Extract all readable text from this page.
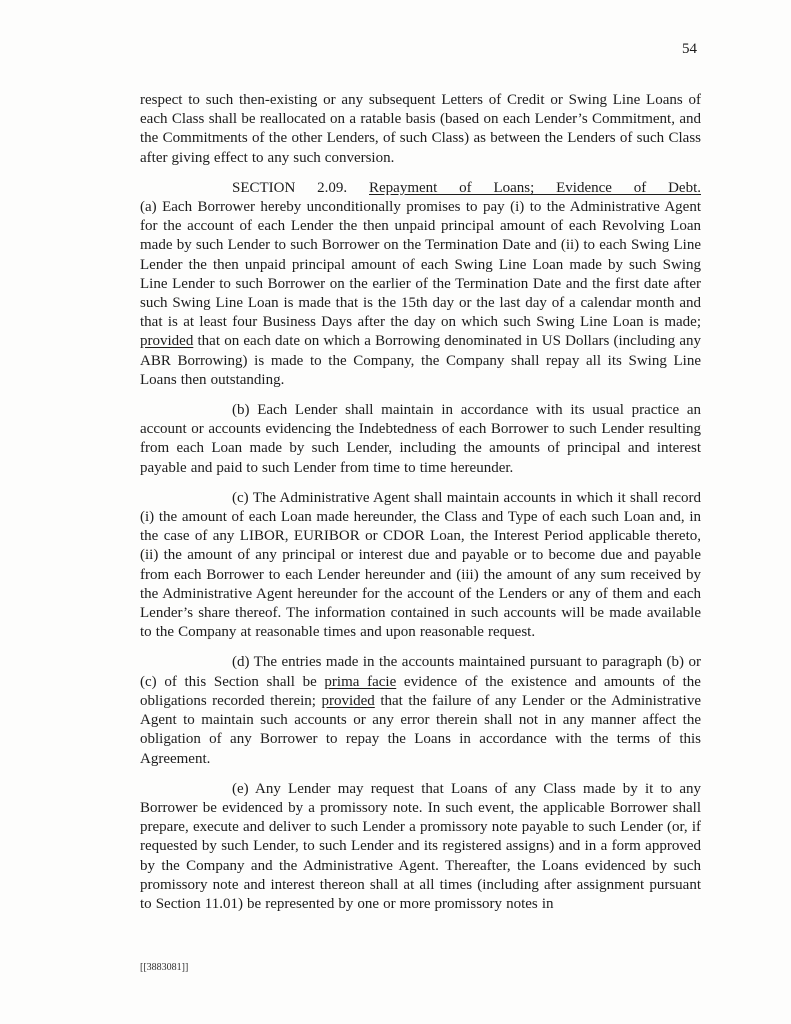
54

respect to such then-existing or any subsequent Letters of Credit or Swing Line Loans of each Class shall be reallocated on a ratable basis (based on each Lender’s Commitment, and the Commitments of the other Lenders, of such Class) as between the Lenders of such Class after giving effect to any such conversion.

SECTION 2.09. Repayment of Loans; Evidence of Debt.

(a) Each Borrower hereby unconditionally promises to pay (i) to the Administrative Agent for the account of each Lender the then unpaid principal amount of each Revolving Loan made by such Lender to such Borrower on the Termination Date and (ii) to each Swing Line Lender the then unpaid principal amount of each Swing Line Loan made by such Swing Line Lender to such Borrower on the earlier of the Termination Date and the first date after such Swing Line Loan is made that is the 15th day or the last day of a calendar month and that is at least four Business Days after the day on which such Swing Line Loan is made; provided that on each date on which a Borrowing denominated in US Dollars (including any ABR Borrowing) is made to the Company, the Company shall repay all its Swing Line Loans then outstanding.

(b) Each Lender shall maintain in accordance with its usual practice an account or accounts evidencing the Indebtedness of each Borrower to such Lender resulting from each Loan made by such Lender, including the amounts of principal and interest payable and paid to such Lender from time to time hereunder.

(c) The Administrative Agent shall maintain accounts in which it shall record (i) the amount of each Loan made hereunder, the Class and Type of each such Loan and, in the case of any LIBOR, EURIBOR or CDOR Loan, the Interest Period applicable thereto, (ii) the amount of any principal or interest due and payable or to become due and payable from each Borrower to each Lender hereunder and (iii) the amount of any sum received by the Administrative Agent hereunder for the account of the Lenders or any of them and each Lender’s share thereof. The information contained in such accounts will be made available to the Company at reasonable times and upon reasonable request.

(d) The entries made in the accounts maintained pursuant to paragraph (b) or (c) of this Section shall be prima facie evidence of the existence and amounts of the obligations recorded therein; provided that the failure of any Lender or the Administrative Agent to maintain such accounts or any error therein shall not in any manner affect the obligation of any Borrower to repay the Loans in accordance with the terms of this Agreement.

(e) Any Lender may request that Loans of any Class made by it to any Borrower be evidenced by a promissory note. In such event, the applicable Borrower shall prepare, execute and deliver to such Lender a promissory note payable to such Lender (or, if requested by such Lender, to such Lender and its registered assigns) and in a form approved by the Company and the Administrative Agent. Thereafter, the Loans evidenced by such promissory note and interest thereon shall at all times (including after assignment pursuant to Section 11.01) be represented by one or more promissory notes in

[[3883081]]
